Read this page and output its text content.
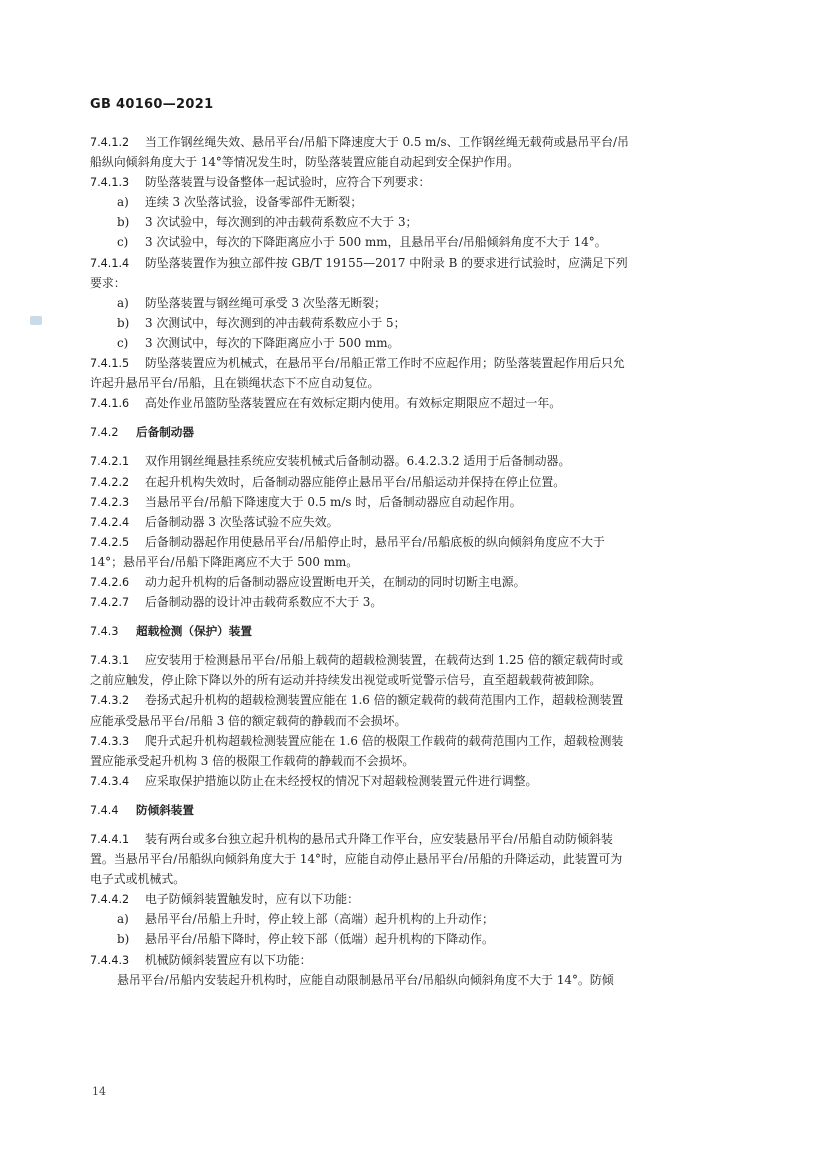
GB 40160—2021
7.4.1.2 当工作钢丝绳失效、悬吊平台/吊船下降速度大于 0.5 m/s、工作钢丝绳无载荷或悬吊平台/吊
船纵向倾斜角度大于 14°等情况发生时，防坠落装置应能自动起到安全保护作用。
7.4.1.3 防坠落装置与设备整体一起试验时，应符合下列要求：
a) 连续 3 次坠落试验，设备零部件无断裂；
b) 3 次试验中，每次测到的冲击载荷系数应不大于 3；
c) 3 次试验中，每次的下降距离应小于 500 mm，且悬吊平台/吊船倾斜角度不大于 14°。
7.4.1.4 防坠落装置作为独立部件按 GB/T 19155—2017 中附录 B 的要求进行试验时，应满足下列
要求：
a) 防坠落装置与钢丝绳可承受 3 次坠落无断裂；
b) 3 次测试中，每次测到的冲击载荷系数应小于 5；
c) 3 次测试中，每次的下降距离应小于 500 mm。
7.4.1.5 防坠落装置应为机械式，在悬吊平台/吊船正常工作时不应起作用；防坠落装置起作用后只允
许起升悬吊平台/吊船，且在锁绳状态下不应自动复位。
7.4.1.6 高处作业吊篮防坠落装置应在有效标定期内使用。有效标定期限应不超过一年。
7.4.2 后备制动器
7.4.2.1 双作用钢丝绳悬挂系统应安装机械式后备制动器。6.4.2.3.2 适用于后备制动器。
7.4.2.2 在起升机构失效时，后备制动器应能停止悬吊平台/吊船运动并保持在停止位置。
7.4.2.3 当悬吊平台/吊船下降速度大于 0.5 m/s 时，后备制动器应自动起作用。
7.4.2.4 后备制动器 3 次坠落试验不应失效。
7.4.2.5 后备制动器起作用使悬吊平台/吊船停止时，悬吊平台/吊船底板的纵向倾斜角度应不大于
14°；悬吊平台/吊船下降距离应不大于 500 mm。
7.4.2.6 动力起升机构的后备制动器应设置断电开关，在制动的同时切断主电源。
7.4.2.7 后备制动器的设计冲击载荷系数应不大于 3。
7.4.3 超载检测（保护）装置
7.4.3.1 应安装用于检测悬吊平台/吊船上载荷的超载检测装置，在载荷达到 1.25 倍的额定载荷时或
之前应触发，停止除下降以外的所有运动并持续发出视觉或听觉警示信号，直至超载载荷被卸除。
7.4.3.2 卷扬式起升机构的超载检测装置应能在 1.6 倍的额定载荷的载荷范围内工作，超载检测装置
应能承受悬吊平台/吊船 3 倍的额定载荷的静载而不会损坏。
7.4.3.3 爬升式起升机构超载检测装置应能在 1.6 倍的极限工作载荷的载荷范围内工作，超载检测装
置应能承受起升机构 3 倍的极限工作载荷的静载而不会损坏。
7.4.3.4 应采取保护措施以防止在未经授权的情况下对超载检测装置元件进行调整。
7.4.4 防倾斜装置
7.4.4.1 装有两台或多台独立起升机构的悬吊式升降工作平台，应安装悬吊平台/吊船自动防倾斜装
置。当悬吊平台/吊船纵向倾斜角度大于 14°时，应能自动停止悬吊平台/吊船的升降运动，此装置可为
电子式或机械式。
7.4.4.2 电子防倾斜装置触发时，应有以下功能：
a) 悬吊平台/吊船上升时，停止较上部（高端）起升机构的上升动作；
b) 悬吊平台/吊船下降时，停止较下部（低端）起升机构的下降动作。
7.4.4.3 机械防倾斜装置应有以下功能：
悬吊平台/吊船内安装起升机构时，应能自动限制悬吊平台/吊船纵向倾斜角度不大于 14°。防倾
14
